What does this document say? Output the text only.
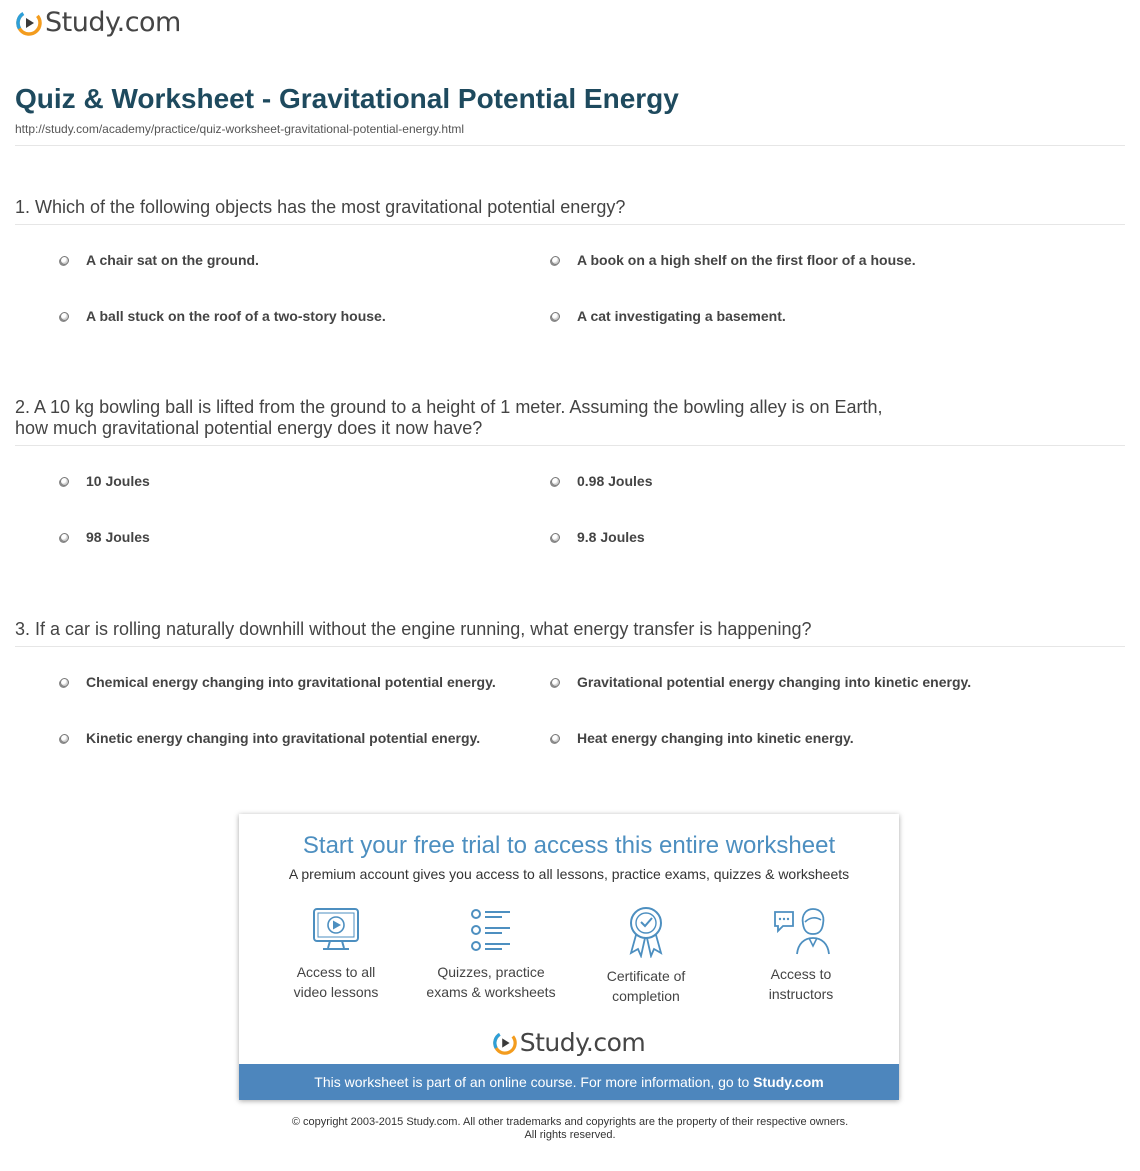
Study.com
Quiz & Worksheet - Gravitational Potential Energy
http://study.com/academy/practice/quiz-worksheet-gravitational-potential-energy.html
1. Which of the following objects has the most gravitational potential energy?
A chair sat on the ground.	A book on a high shelf on the first floor of a house.
A ball stuck on the roof of a two-story house.	A cat investigating a basement.
2. A 10 kg bowling ball is lifted from the ground to a height of 1 meter. Assuming the bowling alley is on Earth, how much gravitational potential energy does it now have?
10 Joules	0.98 Joules
98 Joules	9.8 Joules
3. If a car is rolling naturally downhill without the engine running, what energy transfer is happening?
Chemical energy changing into gravitational potential energy.	Gravitational potential energy changing into kinetic energy.
Kinetic energy changing into gravitational potential energy.	Heat energy changing into kinetic energy.
Start your free trial to access this entire worksheet
A premium account gives you access to all lessons, practice exams, quizzes & worksheets
Access to all
video lessons
Quizzes, practice
exams & worksheets
Certificate of
completion
Access to
instructors
Study.com
This worksheet is part of an online course. For more information, go to Study.com
© copyright 2003-2015 Study.com. All other trademarks and copyrights are the property of their respective owners.
All rights reserved.
